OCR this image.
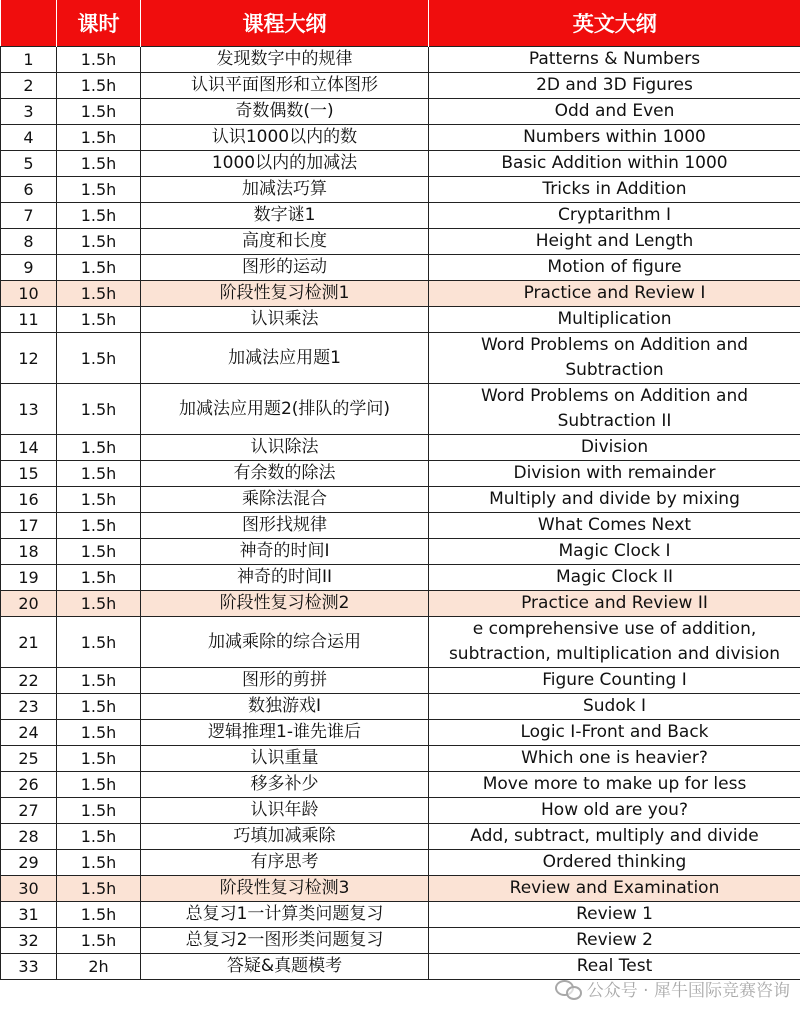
	课时	课程大纲	英文大纲
1	1.5h	发现数字中的规律	Patterns & Numbers

2	1.5h	认识平面图形和立体图形	2D and 3D Figures

3	1.5h	奇数偶数(一)	Odd and Even

4	1.5h	认识1000以内的数	Numbers within 1000

5	1.5h	1000以内的加减法	Basic Addition within 1000

6	1.5h	加减法巧算	Tricks in Addition

7	1.5h	数字谜1	Cryptarithm I

8	1.5h	高度和长度	Height and Length

9	1.5h	图形的运动	Motion of figure

10	1.5h	阶段性复习检测1	Practice and Review I

11	1.5h	认识乘法	Multiplication

12	1.5h	加减法应用题1	Word Problems on Addition and
Subtraction

13	1.5h	加减法应用题2(排队的学问)	Word Problems on Addition and
Subtraction II

14	1.5h	认识除法	Division

15	1.5h	有余数的除法	Division with remainder

16	1.5h	乘除法混合	Multiply and divide by mixing

17	1.5h	图形找规律	What Comes Next

18	1.5h	神奇的时间I	Magic Clock I

19	1.5h	神奇的时间II	Magic Clock II

20	1.5h	阶段性复习检测2	Practice and Review II

21	1.5h	加减乘除的综合运用	e comprehensive use of addition,
subtraction, multiplication and division

22	1.5h	图形的剪拼	Figure Counting I

23	1.5h	数独游戏I	Sudok I

24	1.5h	逻辑推理1-谁先谁后	Logic I-Front and Back

25	1.5h	认识重量	Which one is heavier?

26	1.5h	移多补少	Move more to make up for less

27	1.5h	认识年龄	How old are you?

28	1.5h	巧填加减乘除	Add, subtract, multiply and divide

29	1.5h	有序思考	Ordered thinking

30	1.5h	阶段性复习检测3	Review and Examination

31	1.5h	总复习1一计算类问题复习	Review 1

32	1.5h	总复习2一图形类问题复习	Review 2

33	2h	答疑&真题模考	Real Test
公众号 · 犀牛国际竞赛咨询
